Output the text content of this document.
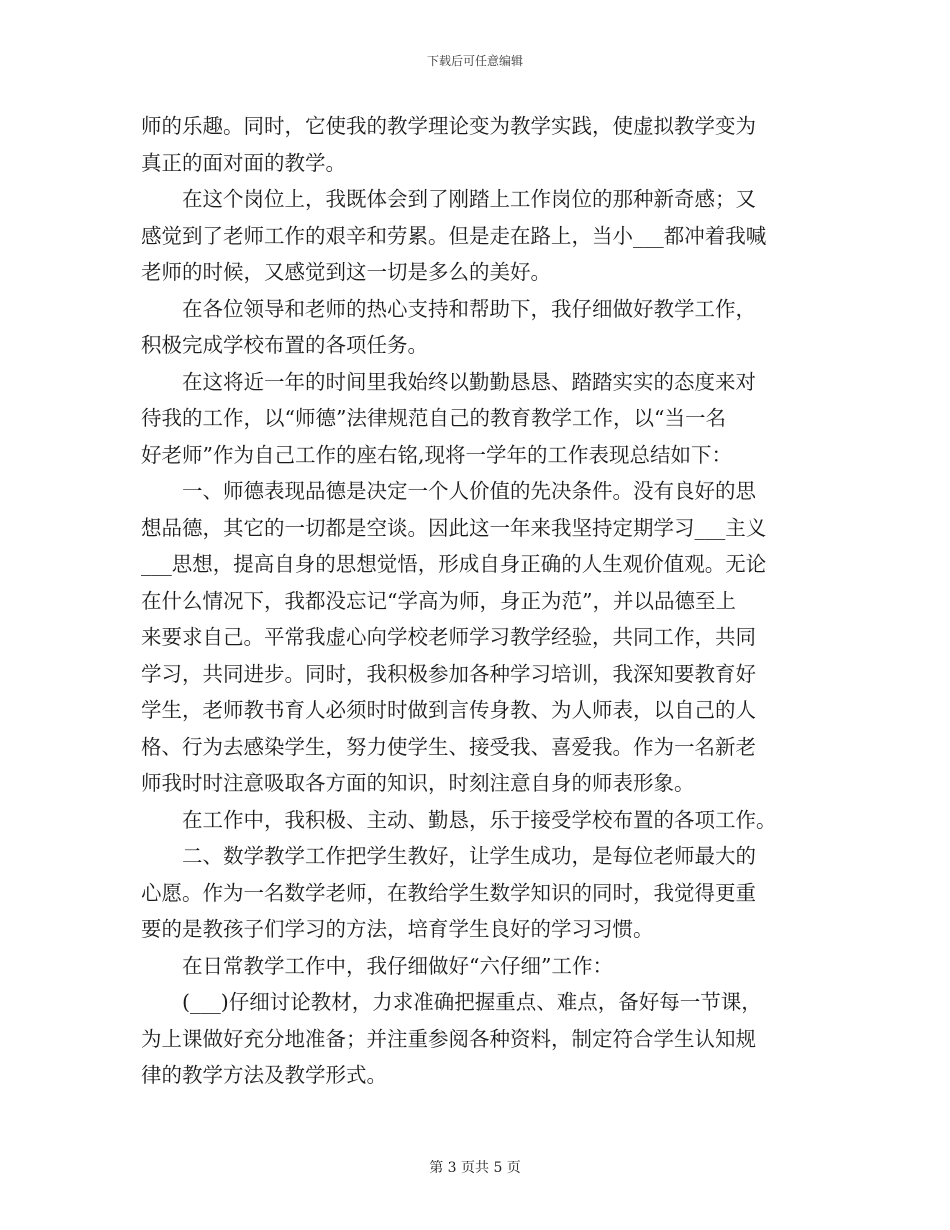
下载后可任意编辑

师的乐趣。同时，它使我的教学理论变为教学实践，使虚拟教学变为
真正的面对面的教学。

在这个岗位上，我既体会到了刚踏上工作岗位的那种新奇感；又
感觉到了老师工作的艰辛和劳累。但是走在路上，当小___都冲着我喊
老师的时候，又感觉到这一切是多么的美好。

在各位领导和老师的热心支持和帮助下，我仔细做好教学工作，
积极完成学校布置的各项任务。

在这将近一年的时间里我始终以勤勤恳恳、踏踏实实的态度来对
待我的工作，以“师德”法律规范自己的教育教学工作，以“当一名
好老师”作为自己工作的座右铭,现将一学年的工作表现总结如下：

一、师德表现品德是决定一个人价值的先决条件。没有良好的思
想品德，其它的一切都是空谈。因此这一年来我坚持定期学习___主义
___思想，提高自身的思想觉悟，形成自身正确的人生观价值观。无论
在什么情况下，我都没忘记“学高为师，身正为范”，并以品德至上
来要求自己。平常我虚心向学校老师学习教学经验，共同工作，共同
学习，共同进步。同时，我积极参加各种学习培训，我深知要教育好
学生，老师教书育人必须时时做到言传身教、为人师表，以自己的人
格、行为去感染学生，努力使学生、接受我、喜爱我。作为一名新老
师我时时注意吸取各方面的知识，时刻注意自身的师表形象。

在工作中，我积极、主动、勤恳，乐于接受学校布置的各项工作。

二、数学教学工作把学生教好，让学生成功，是每位老师最大的
心愿。作为一名数学老师，在教给学生数学知识的同时，我觉得更重
要的是教孩子们学习的方法，培育学生良好的学习习惯。

在日常教学工作中，我仔细做好“六仔细”工作：

(___)仔细讨论教材，力求准确把握重点、难点，备好每一节课，
为上课做好充分地准备；并注重参阅各种资料，制定符合学生认知规
律的教学方法及教学形式。

第 3 页共 5 页
